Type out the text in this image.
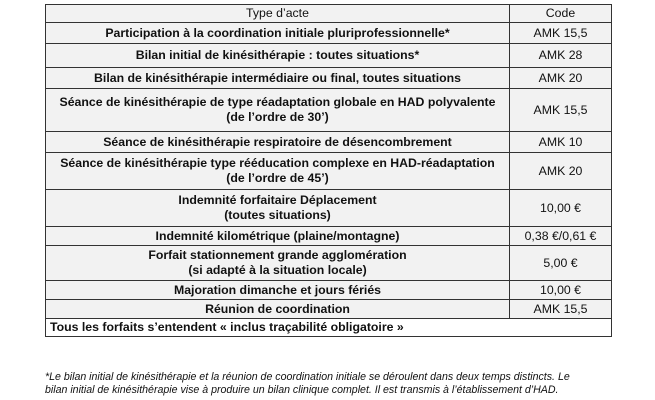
Type d’acte	Code
Participation à la coordination initiale pluriprofessionnelle*	AMK 15,5
Bilan initial de kinésithérapie : toutes situations*	AMK 28
Bilan de kinésithérapie intermédiaire ou final, toutes situations	AMK 20

Séance de kinésithérapie de type réadaptation globale en HAD polyvalente
(de l’ordre de 30’)	AMK 15,5
Séance de kinésithérapie respiratoire de désencombrement	AMK 10

Séance de kinésithérapie type rééducation complexe en HAD-réadaptation
(de l’ordre de 45’)	AMK 20

Indemnité forfaitaire Déplacement
(toutes situations)	10,00 €
Indemnité kilométrique (plaine/montagne)	0,38 €/0,61 €

Forfait stationnement grande agglomération
(si adapté à la situation locale)	5,00 €
Majoration dimanche et jours fériés	10,00 €
Réunion de coordination	AMK 15,5
Tous les forfaits s’entendent « inclus traçabilité obligatoire »	
*Le bilan initial de kinésithérapie et la réunion de coordination initiale se déroulent dans deux temps distincts. Le
bilan initial de kinésithérapie vise à produire un bilan clinique complet. Il est transmis à l’établissement d’HAD.
